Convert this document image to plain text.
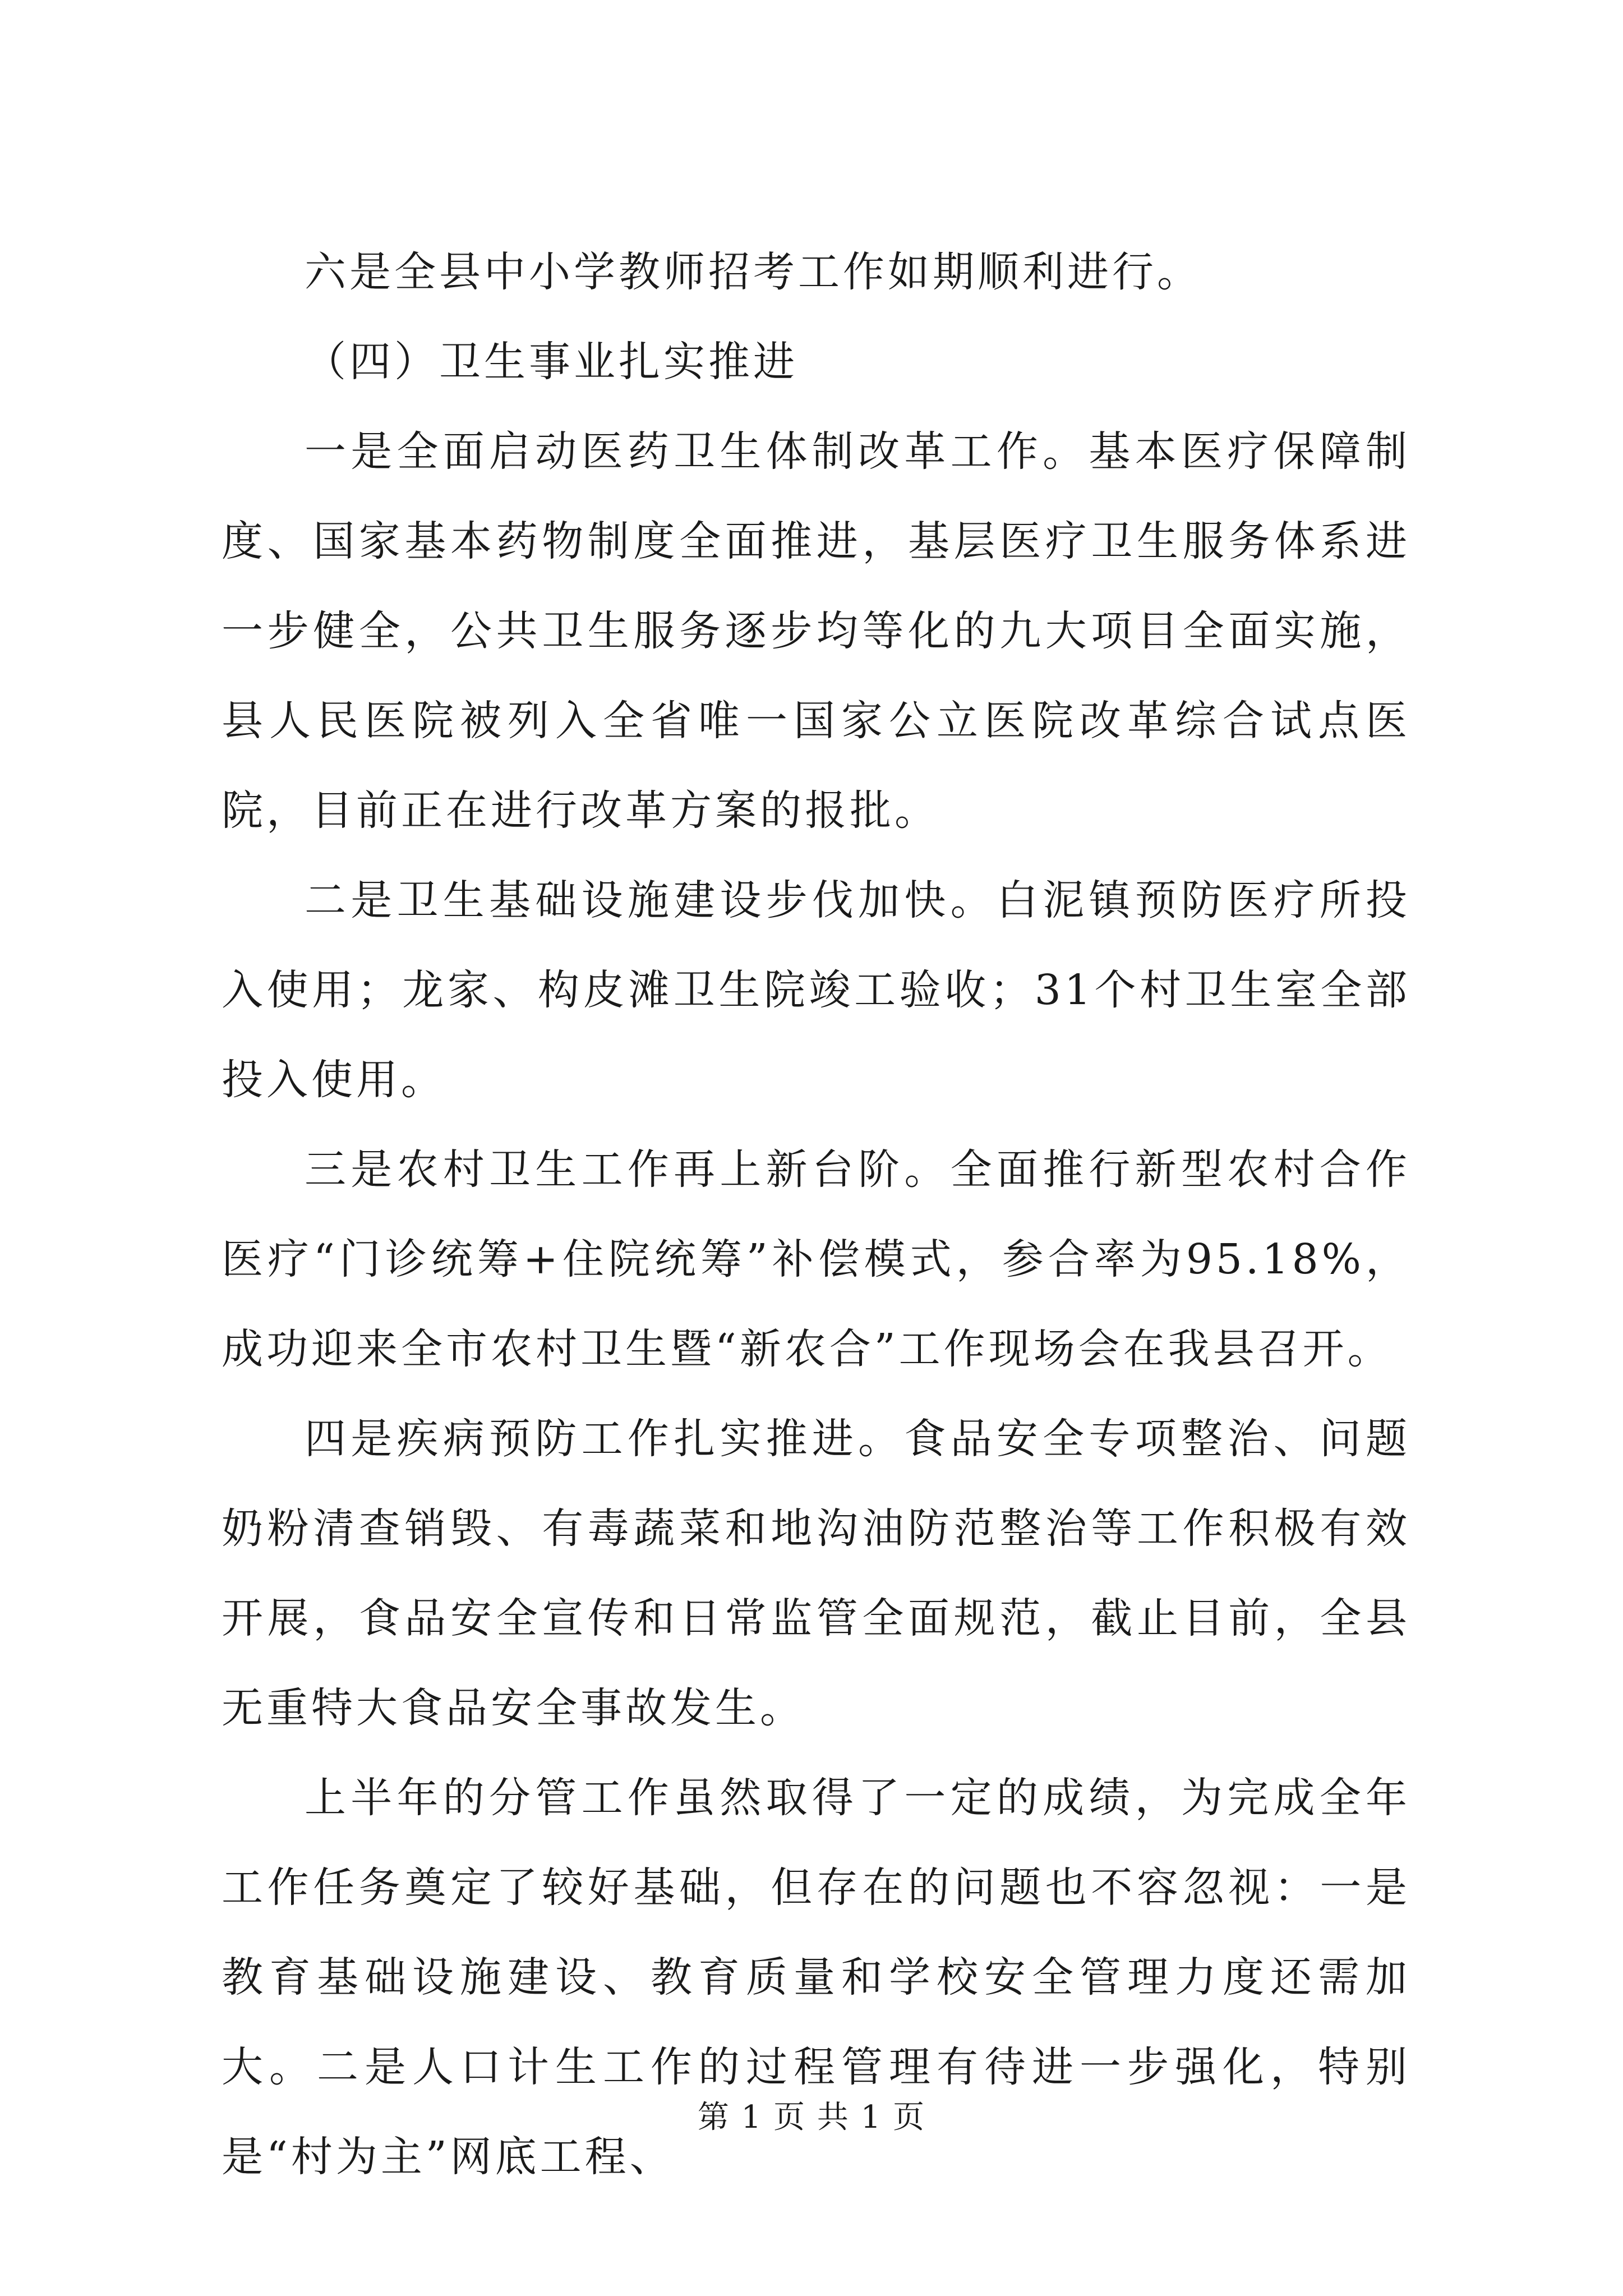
六是全县中小学教师招考工作如期顺利进行。

（四）卫生事业扎实推进

一是全面启动医药卫生体制改革工作。基本医疗保障制度、国家基本药物制度全面推进，基层医疗卫生服务体系进一步健全，公共卫生服务逐步均等化的九大项目全面实施，县人民医院被列入全省唯一国家公立医院改革综合试点医院，目前正在进行改革方案的报批。

二是卫生基础设施建设步伐加快。白泥镇预防医疗所投入使用；龙家、构皮滩卫生院竣工验收；31个村卫生室全部投入使用。

三是农村卫生工作再上新台阶。全面推行新型农村合作医疗“门诊统筹+住院统筹”补偿模式，参合率为95.18%，成功迎来全市农村卫生暨“新农合”工作现场会在我县召开。

四是疾病预防工作扎实推进。食品安全专项整治、问题奶粉清查销毁、有毒蔬菜和地沟油防范整治等工作积极有效开展，食品安全宣传和日常监管全面规范，截止目前，全县无重特大食品安全事故发生。

上半年的分管工作虽然取得了一定的成绩，为完成全年工作任务奠定了较好基础，但存在的问题也不容忽视：一是教育基础设施建设、教育质量和学校安全管理力度还需加大。二是人口计生工作的过程管理有待进一步强化，特别是“村为主”网底工程、

第 1 页 共 1 页
